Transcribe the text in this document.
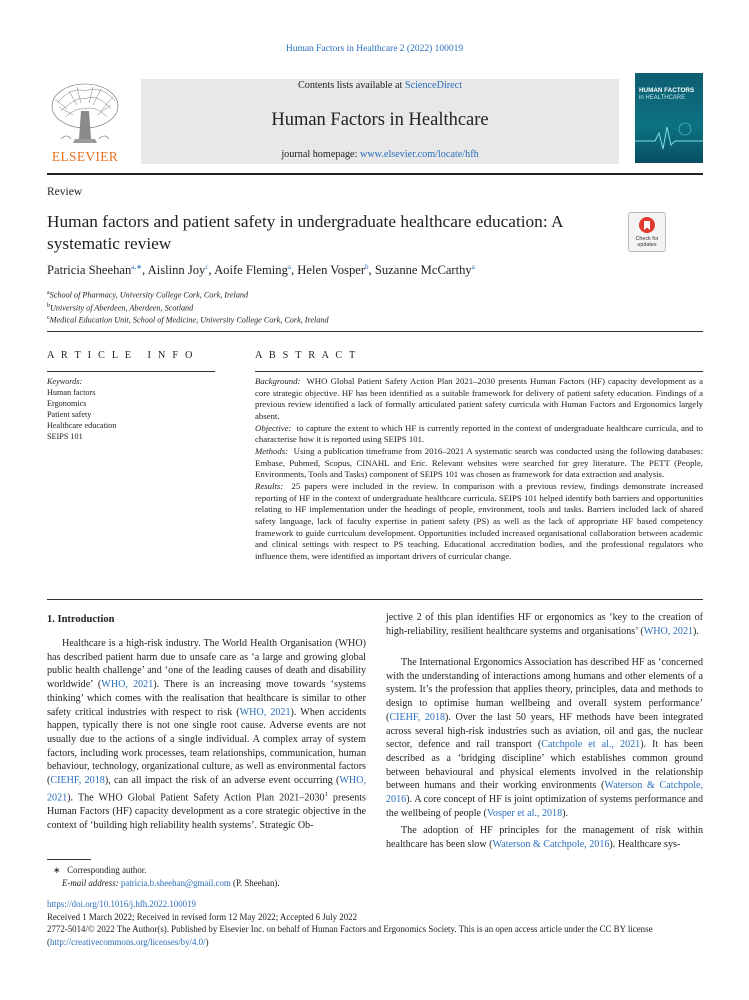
Human Factors in Healthcare 2 (2022) 100019
ELSEVIER
Contents lists available at ScienceDirect
Human Factors in Healthcare
journal homepage: www.elsevier.com/locate/hfh
HUMAN FACTORS
in HEALTHCARE
Review
Human factors and patient safety in undergraduate healthcare education: A systematic review	Check for updates
Patricia Sheehan$^{a,∗}$, Aislinn Joy$^c$, Aoife Fleming$^a$, Helen Vosper$^b$, Suzanne McCarthy$^a$
$^a$School of Pharmacy, University College Cork, Cork, Ireland
$^b$University of Aberdeen, Aberdeen, Scotland
$^c$Medical Education Unit, School of Medicine, University College Cork, Cork, Ireland
A R T I C L E   I N F O
Keywords:
Human factors
Ergonomics
Patient safety
Healthcare education
SEIPS 101
A B S T R A C T
Background: WHO Global Patient Safety Action Plan 2021–2030 presents Human Factors (HF) capacity development as a core strategic objective. HF has been identified as a suitable framework for delivery of patient safety education. Findings of a previous review identified a lack of formally articulated patient safety curricula with Human Factors and Ergonomics largely absent.
Objective: to capture the extent to which HF is currently reported in the context of undergraduate healthcare curricula, and to characterise how it is reported using SEIPS 101.
Methods: Using a publication timeframe from 2016–2021 A systematic search was conducted using the following databases: Embase, Pubmed, Scopus, CINAHL and Eric. Relevant websites were searched for grey literature. The PETT (People, Environments, Tools and Tasks) component of SEIPS 101 was chosen as framework for data extraction and analysis.
Results: 25 papers were included in the review. In comparison with a previous review, findings demonstrate increased reporting of HF in the context of undergraduate healthcare curricula. SEIPS 101 helped identify both barriers and opportunities relating to HF implementation under the headings of people, environment, tools and tasks. Barriers included lack of shared safety language, lack of faculty expertise in patient safety (PS) as well as the lack of appropriate HF based competency framework to guide curriculum development. Opportunities included increased organisational collaboration between academic and clinical settings with respect to PS teaching. Educational accreditation bodies, and the professional regulators who influence them, were identified as important drivers of curricular change.
1. Introduction
Healthcare is a high-risk industry. The World Health Organisation (WHO) has described patient harm due to unsafe care as ‘a large and growing global public health challenge’ and ‘one of the leading causes of death and disability worldwide’ (WHO, 2021). There is an increasing move towards ‘systems thinking’ which comes with the realisation that healthcare is similar to other safety critical industries with respect to risk (WHO, 2021). When accidents happen, typically there is not one single root cause. Adverse events are not usually due to the actions of a single individual. A complex array of system factors, including work processes, team relationships, communication, human behaviour, technology, organizational culture, as well as environmental factors (CIEHF, 2018), can all impact the risk of an adverse event occurring (WHO, 2021). The WHO Global Patient Safety Action Plan 2021–2030$^1$ presents Human Factors (HF) capacity development as a core strategic objective in the context of ‘building high reliability health systems’. Strategic Ob-
jective 2 of this plan identifies HF or ergonomics as ‘key to the creation of high-reliability, resilient healthcare systems and organisations’ (WHO, 2021).
The International Ergonomics Association has described HF as ‘concerned with the understanding of interactions among humans and other elements of a system. It’s the profession that applies theory, principles, data and methods to design to optimise human wellbeing and overall system performance’ (CIEHF, 2018). Over the last 50 years, HF methods have been integrated across several high-risk industries such as aviation, oil and gas, the nuclear sector, defence and rail transport (Catchpole et al., 2021). It has been described as a ‘bridging discipline’ which establishes common ground between behavioural and physical elements involved in the relationship between humans and their working environments (Waterson & Catchpole, 2016). A core concept of HF is joint optimization of systems performance and the wellbeing of people (Vosper et al., 2018).
The adoption of HF principles for the management of risk within healthcare has been slow (Waterson & Catchpole, 2016). Healthcare sys-
∗ Corresponding author.
E-mail address: patricia.b.sheehan@gmail.com (P. Sheehan).
https://doi.org/10.1016/j.hfh.2022.100019
Received 1 March 2022; Received in revised form 12 May 2022; Accepted 6 July 2022
2772-5014/© 2022 The Author(s). Published by Elsevier Inc. on behalf of Human Factors and Ergonomics Society. This is an open access article under the CC BY license (http://creativecommons.org/licenses/by/4.0/)
